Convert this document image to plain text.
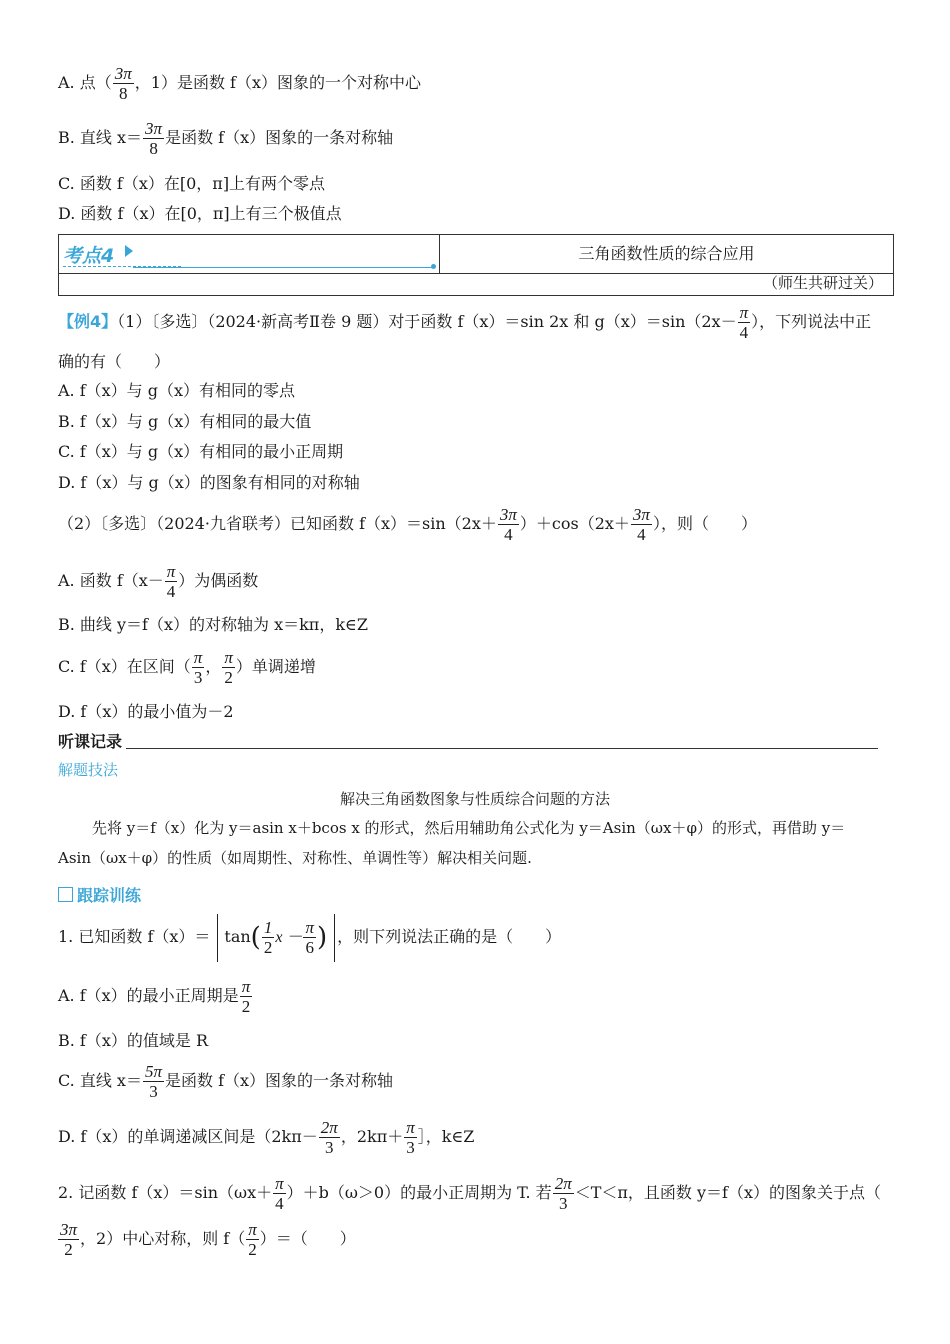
A. 点（ $\frac{3\pi}{8}$ ，1）是函数 f（x）图象的一个对称中心
B. 直线 $x= \frac{3\pi}{8}$ 是函数 f（x）图象的一条对称轴
C. 函数 f（x）在[0，π]上有两个零点
D. 函数 f（x）在[0，π]上有三个极值点
考点4	三角函数性质的综合应用
（师生共研过关）
【例4】（1）〔多选〕（2024·新高考Ⅱ卷 9 题）对于函数 f（x）＝sin 2x 和 $g(x)=\sin(2x- \frac{\pi}{4}$ ），下列说法中正
确的有（　　）
A. f（x）与 g（x）有相同的零点
B. f（x）与 g（x）有相同的最大值
C. f（x）与 g（x）有相同的最小正周期
D. f（x）与 g（x）的图象有相同的对称轴
（2）〔多选〕（2024·九省联考）已知函数 $f(x)=\sin(2x+ \frac{3\pi}{4} )+\cos(2x+ \frac{3\pi}{4}$ ），则（　　）
A. 函数 $f(x- \frac{\pi}{4}$ ）为偶函数
B. 曲线 y＝f（x）的对称轴为 x＝kπ，k∈Z
C. f（x）在区间（ $\frac{\pi}{3}$ ， $\frac{\pi}{2}$ ）单调递增
D. f（x）的最小值为－2
听课记录
解题技法
解决三角函数图象与性质综合问题的方法
先将 y＝f（x）化为 y＝asin x＋bcos x 的形式，然后用辅助角公式化为 y＝Asin（ωx＋φ）的形式，再借助 y＝
Asin（ωx＋φ）的性质（如周期性、对称性、单调性等）解决相关问题.
跟踪训练
1. 已知函数 $f(x)= \tan( \frac{1}{2}$ $x - \frac{\pi}{6}$ ) ，则下列说法正确的是（　　）
A. f（x）的最小正周期是 $\frac{\pi}{2}$
B. f（x）的值域是 R
C. 直线 $x= \frac{5\pi}{3}$ 是函数 f（x）图象的一条对称轴
D. f（x）的单调递减区间是（$2k\pi- \frac{2\pi}{3}$ ，$2k\pi+ \frac{\pi}{3}$ ］，k∈Z
2. 记函数 $f(x)=\sin(\omega x+ \frac{\pi}{4} )+b(\omega>0)$的最小正周期为 T. 若 $\frac{2\pi}{3} <T<\pi$，且函数 y＝f（x）的图象关于点（
$\frac{3\pi}{2}$ ，2）中心对称，则 $f( \frac{\pi}{2}$ ）＝（　　）
